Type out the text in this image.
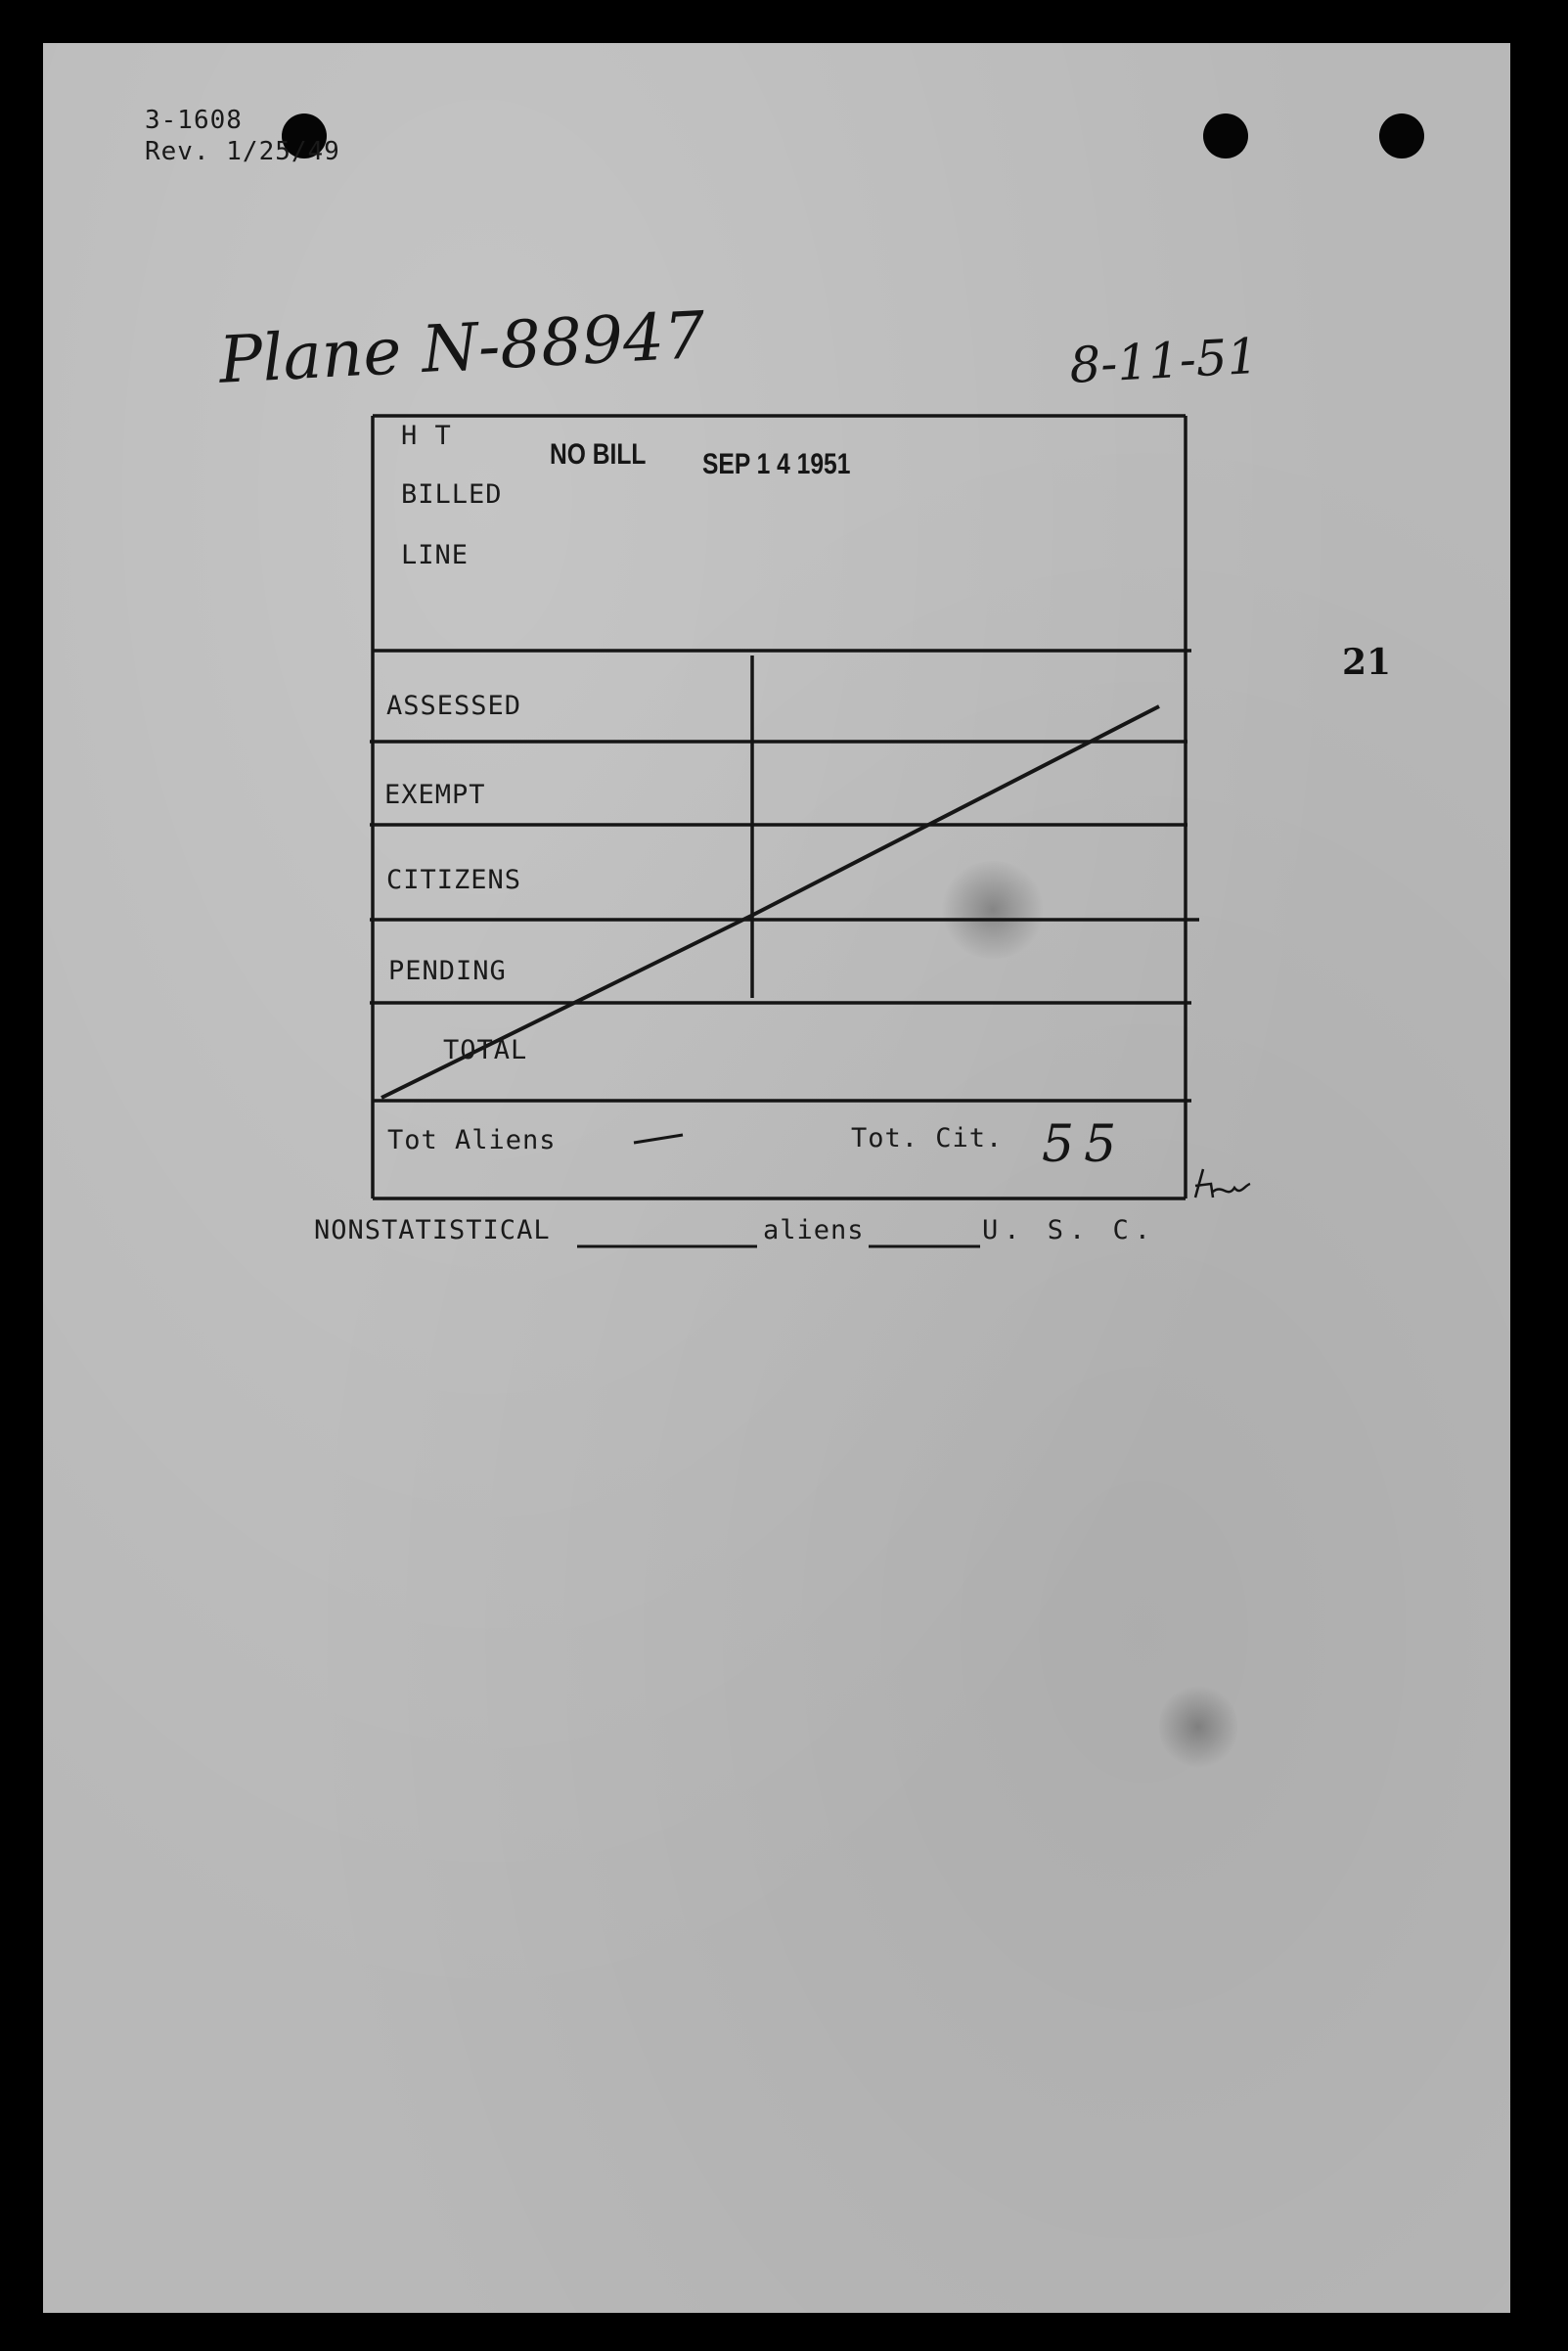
3-1608
Rev. 1/25/49
Plane N-88947	8-11-51
21
NO BILL SEP 1 4 1951
H T
BILLED
LINE
ASSESSED
EXEMPT
CITIZENS
PENDING
TOTAL
Tot Aliens	Tot. Cit. 55
NONSTATISTICAL	aliens	U. S. C.
